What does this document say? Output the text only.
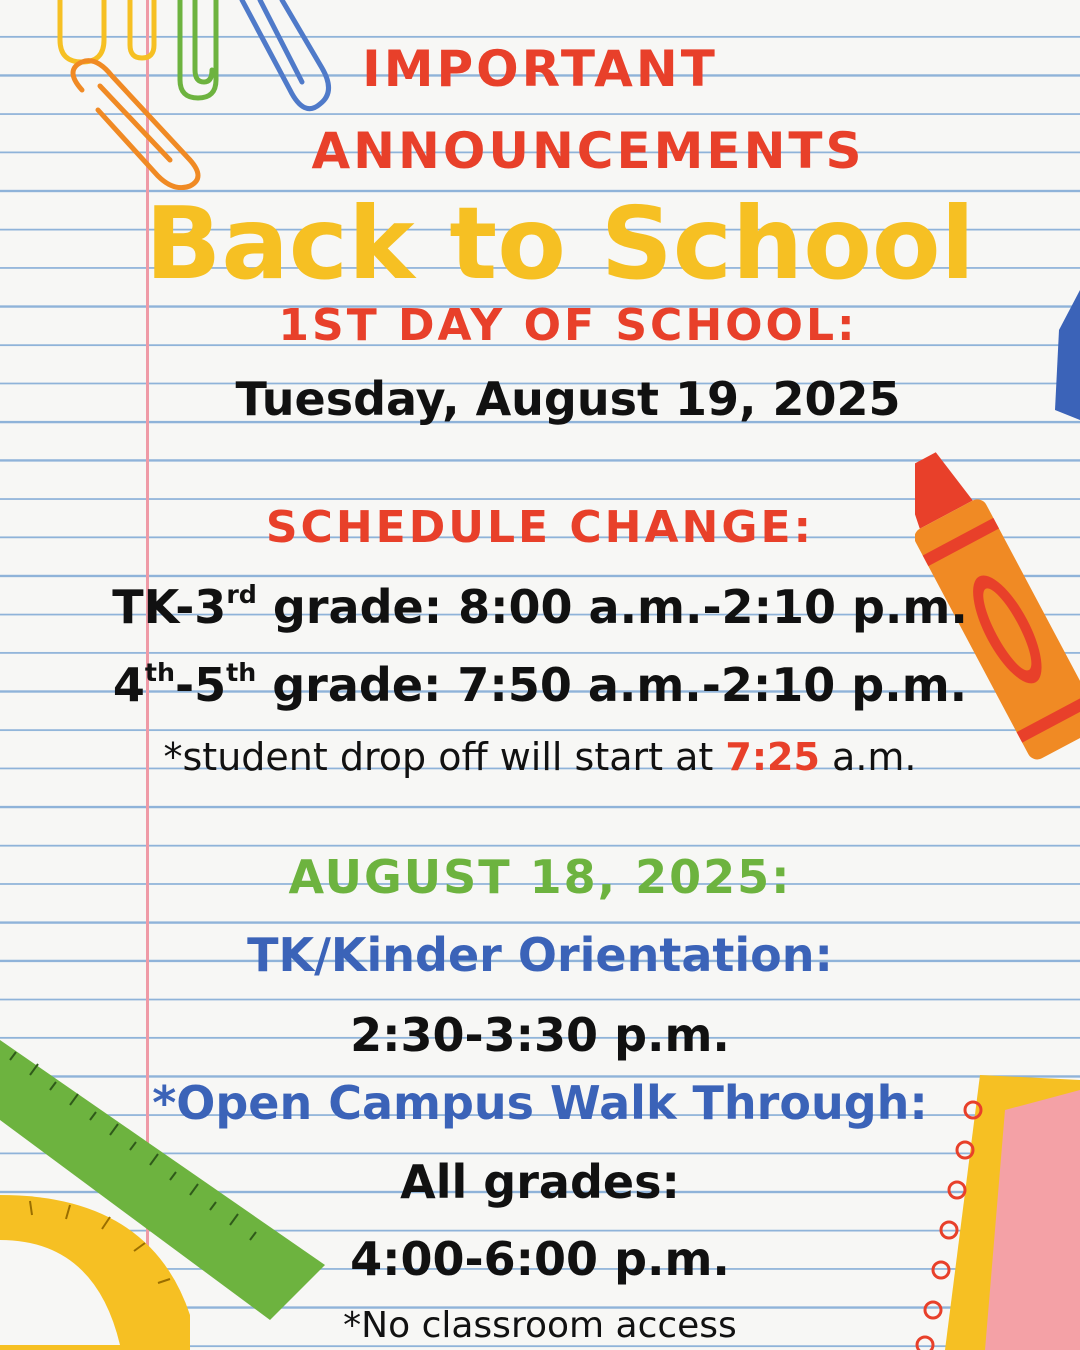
IMPORTANT
ANNOUNCEMENTS
Back to School
1ST DAY OF SCHOOL:
Tuesday, August 19, 2025
SCHEDULE CHANGE:
TK-3rd grade: 8:00 a.m.-2:10 p.m.
4th-5th grade: 7:50 a.m.-2:10 p.m.
*student drop off will start at 7:25 a.m.
AUGUST 18, 2025:
TK/Kinder Orientation:
2:30-3:30 p.m.
*Open Campus Walk Through:
All grades:
4:00-6:00 p.m.
*No classroom access
